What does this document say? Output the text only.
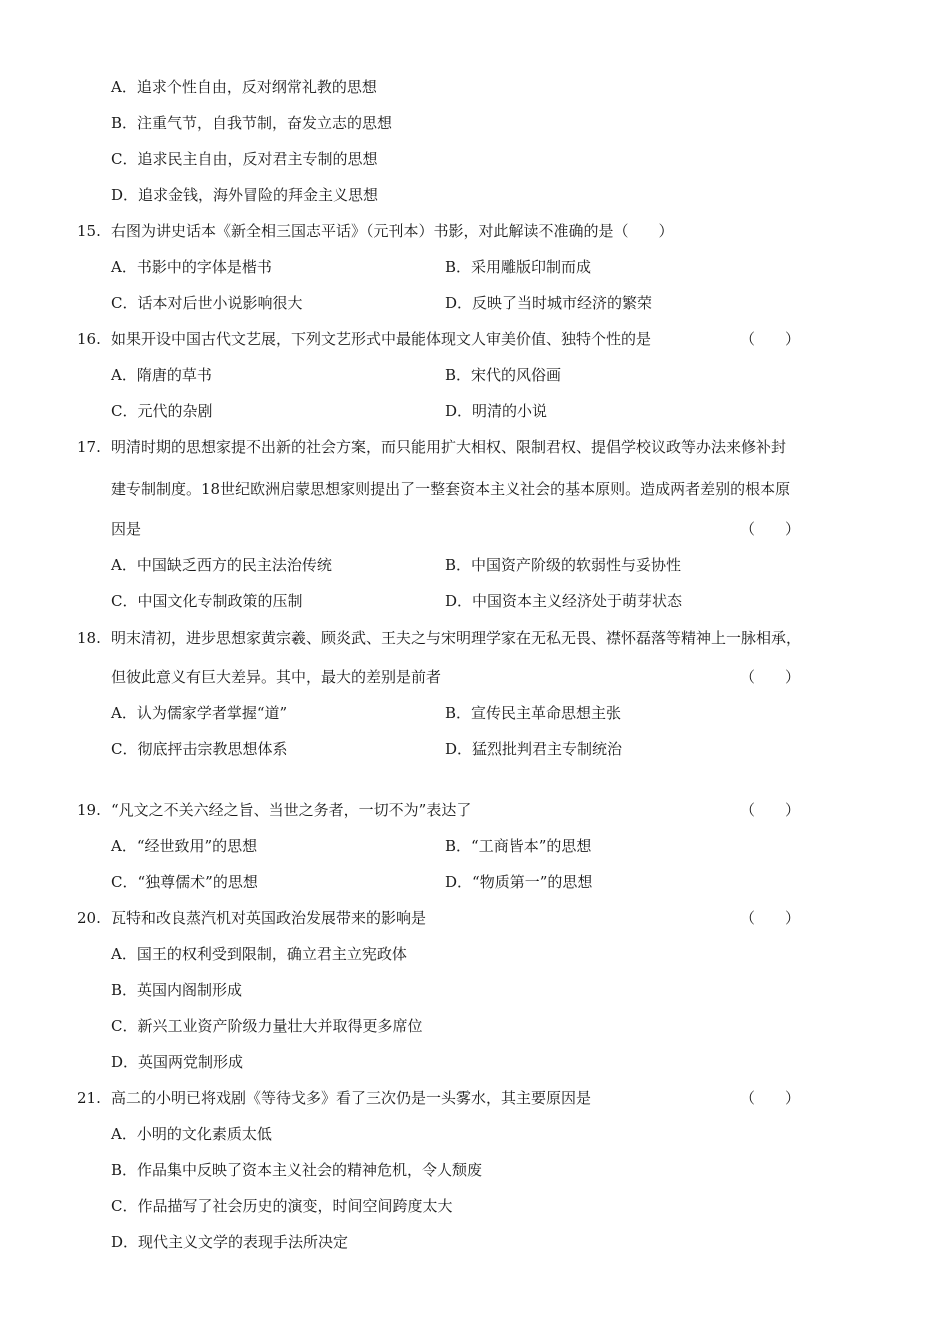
A．追求个性自由，反对纲常礼教的思想
B．注重气节，自我节制，奋发立志的思想
C．追求民主自由，反对君主专制的思想
D．追求金钱，海外冒险的拜金主义思想
15. 右图为讲史话本《新全相三国志平话》（元刊本）书影，对此解读不准确的是（　　）
A．书影中的字体是楷书	B．采用雕版印制而成
C．话本对后世小说影响很大	D．反映了当时城市经济的繁荣
16. 如果开设中国古代文艺展，下列文艺形式中最能体现文人审美价值、独特个性的是	（　　）
A．隋唐的草书	B．宋代的风俗画
C．元代的杂剧	D．明清的小说
17. 明清时期的思想家提不出新的社会方案，而只能用扩大相权、限制君权、提倡学校议政等办法来修补封
建专制制度。18世纪欧洲启蒙思想家则提出了一整套资本主义社会的基本原则。造成两者差别的根本原
因是	（　　）
A．中国缺乏西方的民主法治传统	B．中国资产阶级的软弱性与妥协性
C．中国文化专制政策的压制	D．中国资本主义经济处于萌芽状态
18. 明末清初，进步思想家黄宗羲、顾炎武、王夫之与宋明理学家在无私无畏、襟怀磊落等精神上一脉相承，
但彼此意义有巨大差异。其中，最大的差别是前者	（　　）
A．认为儒家学者掌握“道”	B．宣传民主革命思想主张
C．彻底抨击宗教思想体系	D．猛烈批判君主专制统治
19. “凡文之不关六经之旨、当世之务者，一切不为”表达了	（　　）
A．“经世致用”的思想	B．“工商皆本”的思想
C．“独尊儒术”的思想	D．“物质第一”的思想
20. 瓦特和改良蒸汽机对英国政治发展带来的影响是	（　　）
A．国王的权利受到限制，确立君主立宪政体
B．英国内阁制形成
C．新兴工业资产阶级力量壮大并取得更多席位
D．英国两党制形成
21. 高二的小明已将戏剧《等待戈多》看了三次仍是一头雾水，其主要原因是	（　　）
A．小明的文化素质太低
B．作品集中反映了资本主义社会的精神危机，令人颓废
C．作品描写了社会历史的演变，时间空间跨度太大
D．现代主义文学的表现手法所决定
